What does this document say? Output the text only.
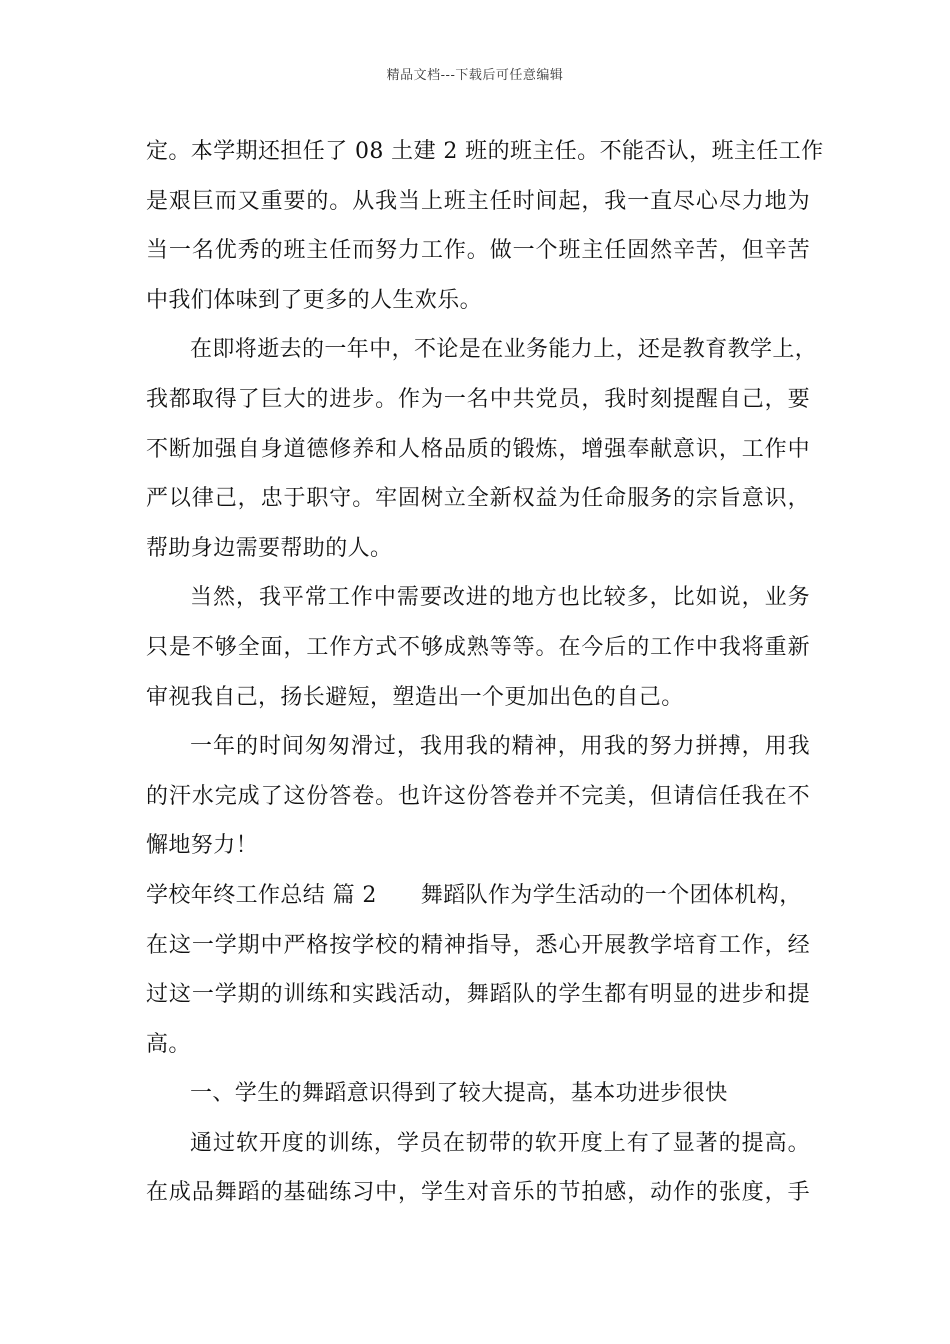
精品文档---下载后可任意编辑
定。本学期还担任了 08 土建 2 班的班主任。不能否认，班主任工作
是艰巨而又重要的。从我当上班主任时间起，我一直尽心尽力地为
当一名优秀的班主任而努力工作。做一个班主任固然辛苦，但辛苦
中我们体味到了更多的人生欢乐。
在即将逝去的一年中，不论是在业务能力上，还是教育教学上，
我都取得了巨大的进步。作为一名中共党员，我时刻提醒自己，要
不断加强自身道德修养和人格品质的锻炼，增强奉献意识，工作中
严以律己，忠于职守。牢固树立全新权益为任命服务的宗旨意识，
帮助身边需要帮助的人。
当然，我平常工作中需要改进的地方也比较多，比如说，业务
只是不够全面，工作方式不够成熟等等。在今后的工作中我将重新
审视我自己，扬长避短，塑造出一个更加出色的自己。
一年的时间匆匆滑过，我用我的精神，用我的努力拼搏，用我
的汗水完成了这份答卷。也许这份答卷并不完美，但请信任我在不
懈地努力！
学校年终工作总结 篇 2 舞蹈队作为学生活动的一个团体机构，
在这一学期中严格按学校的精神指导，悉心开展教学培育工作，经
过这一学期的训练和实践活动，舞蹈队的学生都有明显的进步和提
高。
一、学生的舞蹈意识得到了较大提高，基本功进步很快
通过软开度的训练，学员在韧带的软开度上有了显著的提高。
在成品舞蹈的基础练习中，学生对音乐的节拍感，动作的张度，手
